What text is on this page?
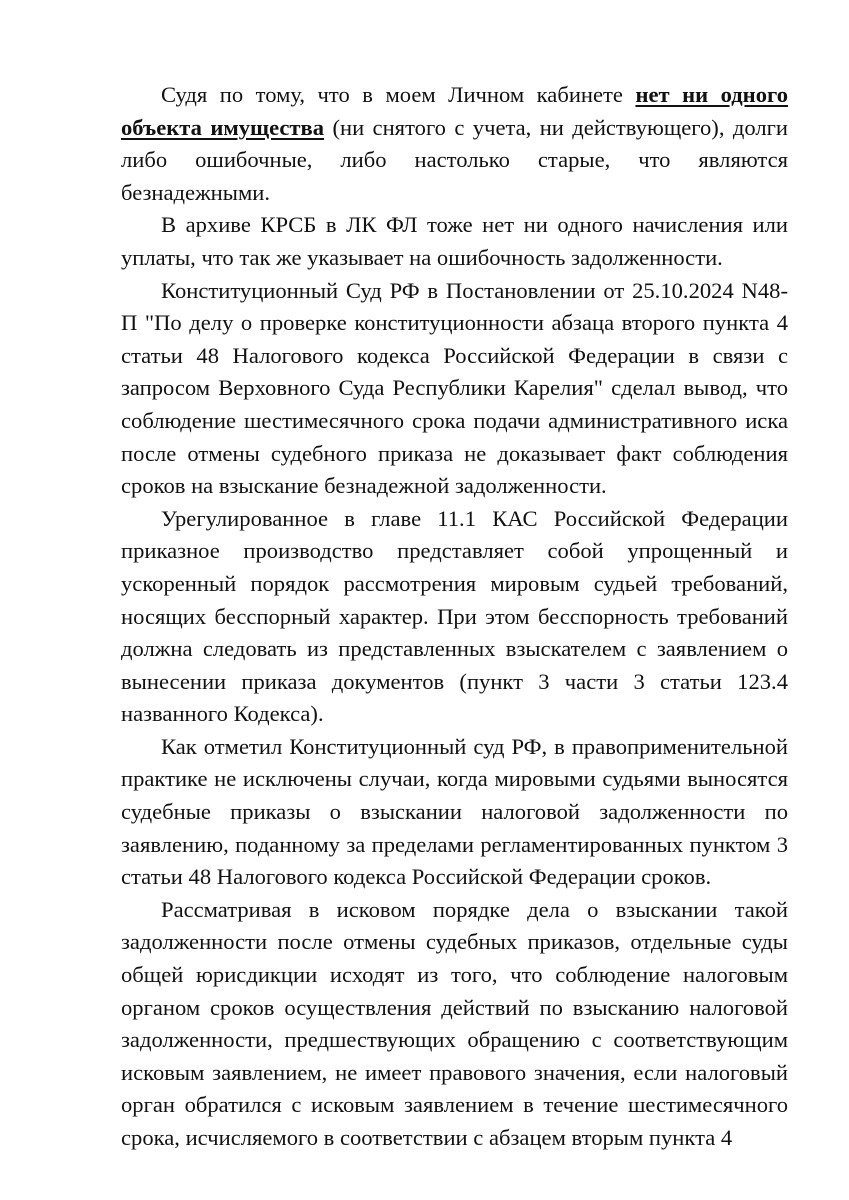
Судя по тому, что в моем Личном кабинете нет ни одного объекта имущества (ни снятого с учета, ни действующего), долги либо ошибочные, либо настолько старые, что являются безнадежными.

В архиве КРСБ в ЛК ФЛ тоже нет ни одного начисления или уплаты, что так же указывает на ошибочность задолженности.

Конституционный Суд РФ в Постановлении от 25.10.2024 N48-П "По делу о проверке конституционности абзаца второго пункта 4 статьи 48 Налогового кодекса Российской Федерации в связи с запросом Верховного Суда Республики Карелия" сделал вывод, что соблюдение шестимесячного срока подачи административного иска после отмены судебного приказа не доказывает факт соблюдения сроков на взыскание безнадежной задолженности.

Урегулированное в главе 11.1 КАС Российской Федерации приказное производство представляет собой упрощенный и ускоренный порядок рассмотрения мировым судьей требований, носящих бесспорный характер. При этом бесспорность требований должна следовать из представленных взыскателем с заявлением о вынесении приказа документов (пункт 3 части 3 статьи 123.4 названного Кодекса).

Как отметил Конституционный суд РФ, в правоприменительной практике не исключены случаи, когда мировыми судьями выносятся судебные приказы о взыскании налоговой задолженности по заявлению, поданному за пределами регламентированных пунктом 3 статьи 48 Налогового кодекса Российской Федерации сроков.

Рассматривая в исковом порядке дела о взыскании такой задолженности после отмены судебных приказов, отдельные суды общей юрисдикции исходят из того, что соблюдение налоговым органом сроков осуществления действий по взысканию налоговой задолженности, предшествующих обращению с соответствующим исковым заявлением, не имеет правового значения, если налоговый орган обратился с исковым заявлением в течение шестимесячного срока, исчисляемого в соответствии с абзацем вторым пункта 4
